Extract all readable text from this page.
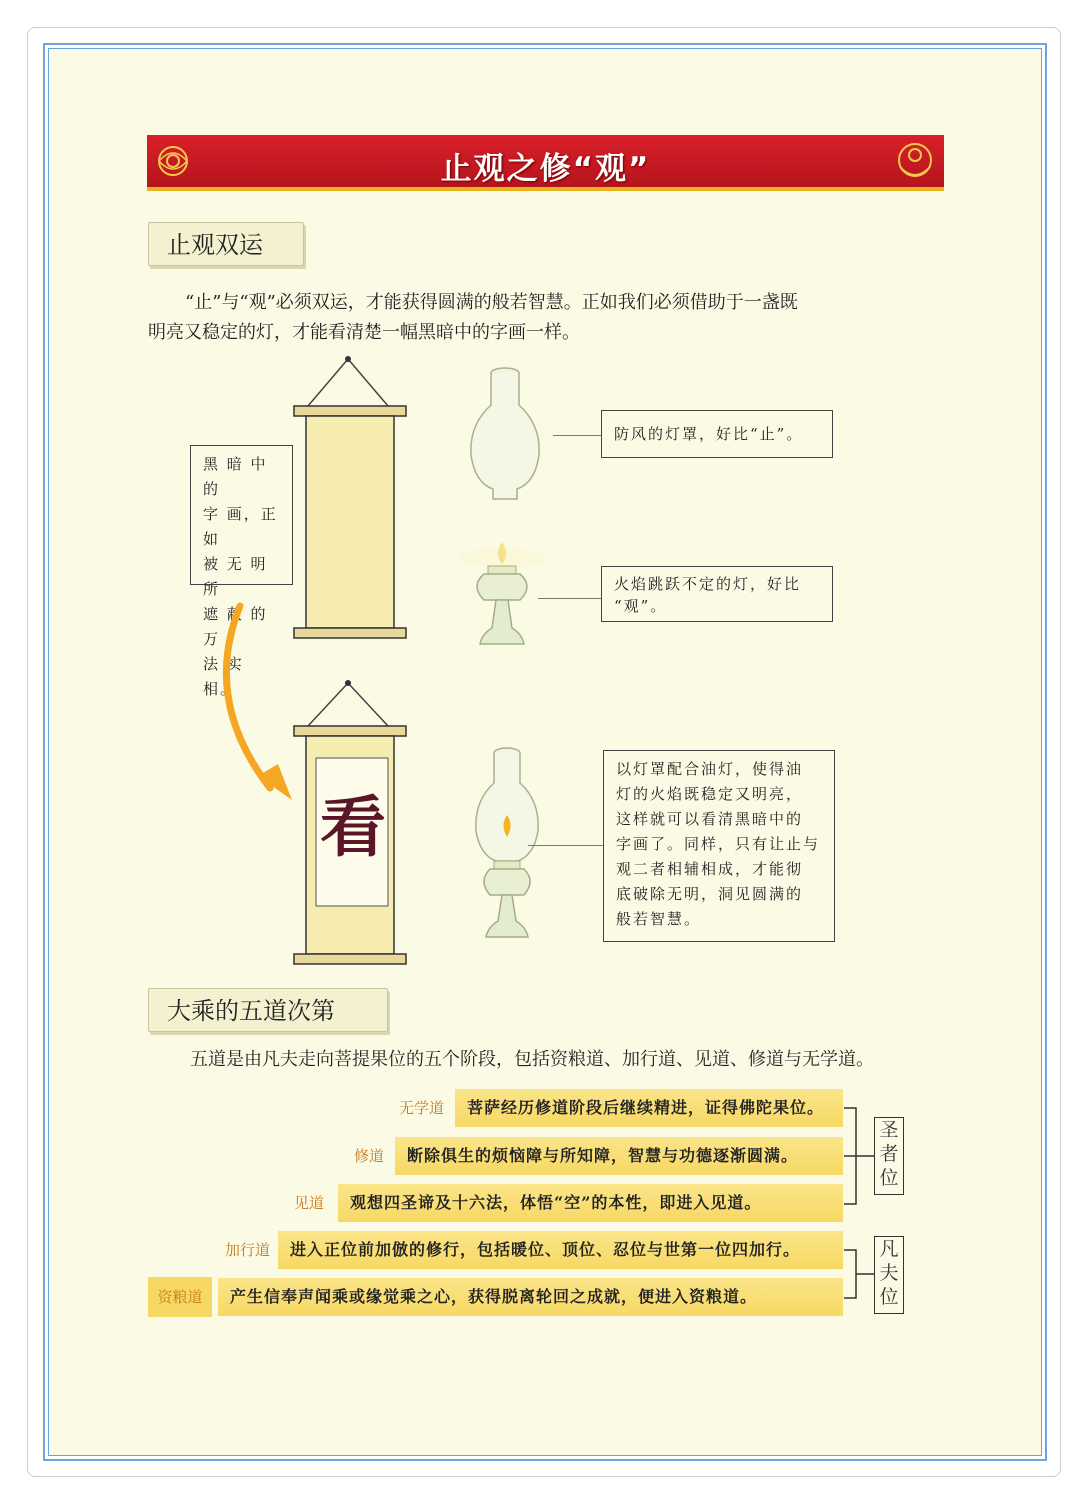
止观之修“观”
止观双运
“止”与“观”必须双运，才能获得圆满的般若智慧。正如我们必须借助于一盏既
明亮又稳定的灯，才能看清楚一幅黑暗中的字画一样。
黑 暗 中 的
字 画，正 如
被 无 明 所
遮 蔽 的 万
法 实 相。
防风的灯罩，好比“止”。
火焰跳跃不定的灯，好比
“观”。
看
以灯罩配合油灯，使得油
灯的火焰既稳定又明亮，
这样就可以看清黑暗中的
字画了。同样，只有让止与
观二者相辅相成，才能彻
底破除无明，洞见圆满的
般若智慧。
大乘的五道次第
五道是由凡夫走向菩提果位的五个阶段，包括资粮道、加行道、见道、修道与无学道。
无学道	菩萨经历修道阶段后继续精进，证得佛陀果位。
修道	断除俱生的烦恼障与所知障，智慧与功德逐渐圆满。
见道	观想四圣谛及十六法，体悟“空”的本性，即进入见道。
加行道	进入正位前加倣的修行，包括暖位、顶位、忍位与世第一位四加行。
资粮道	产生信奉声闻乘或缘觉乘之心，获得脱离轮回之成就，便进入资粮道。
圣
者
位
凡
夫
位
